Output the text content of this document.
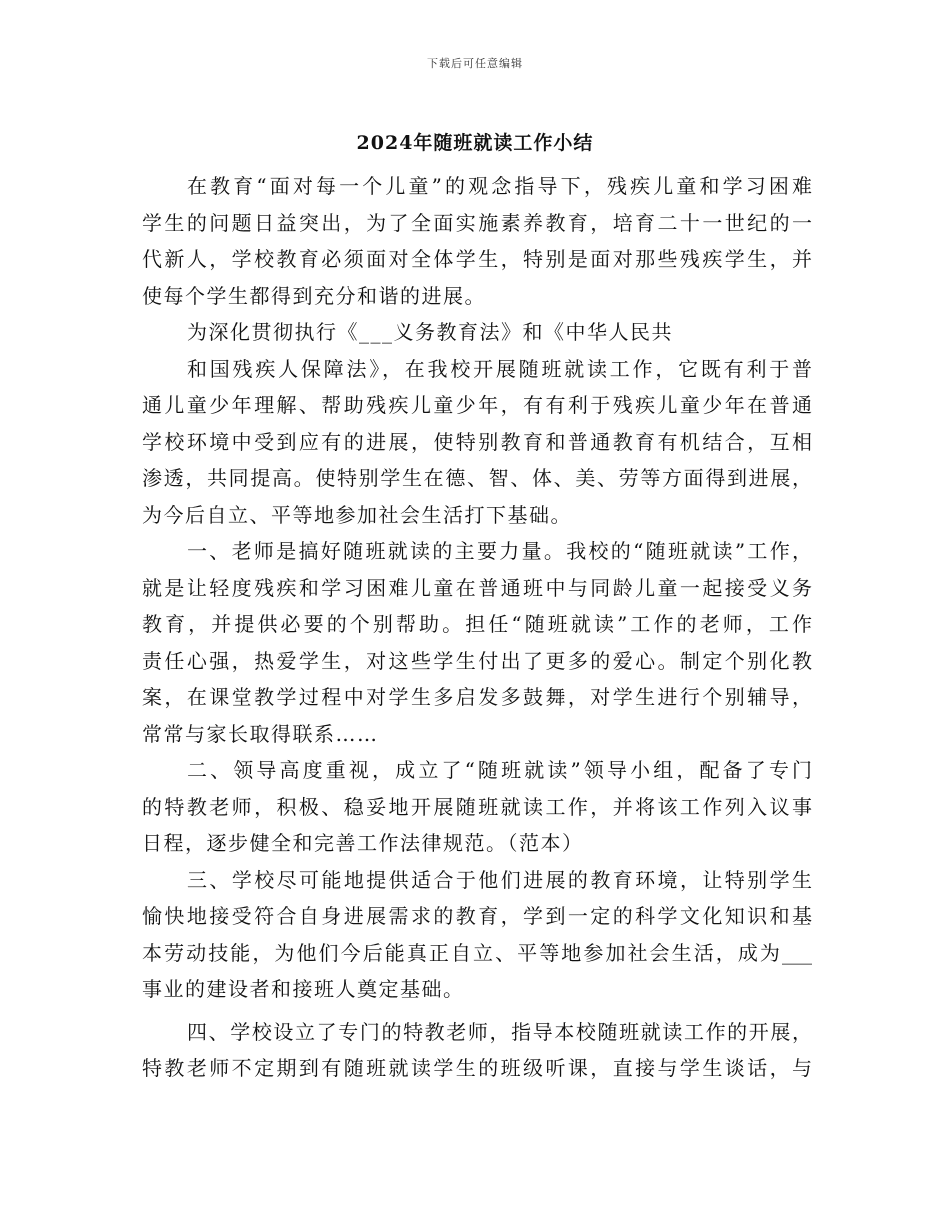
下载后可任意编辑
2024年随班就读工作小结
在教育“面对每一个儿童”的观念指导下，残疾儿童和学习困难
学生的问题日益突出，为了全面实施素养教育，培育二十一世纪的一
代新人，学校教育必须面对全体学生，特别是面对那些残疾学生，并
使每个学生都得到充分和谐的进展。
为深化贯彻执行《___义务教育法》和《中华人民共
和国残疾人保障法》，在我校开展随班就读工作，它既有利于普
通儿童少年理解、帮助残疾儿童少年，有有利于残疾儿童少年在普通
学校环境中受到应有的进展，使特别教育和普通教育有机结合，互相
渗透，共同提高。使特别学生在德、智、体、美、劳等方面得到进展，
为今后自立、平等地参加社会生活打下基础。
一、老师是搞好随班就读的主要力量。我校的“随班就读”工作，
就是让轻度残疾和学习困难儿童在普通班中与同龄儿童一起接受义务
教育，并提供必要的个别帮助。担任“随班就读”工作的老师，工作
责任心强，热爱学生，对这些学生付出了更多的爱心。制定个别化教
案，在课堂教学过程中对学生多启发多鼓舞，对学生进行个别辅导，
常常与家长取得联系……
二、领导高度重视，成立了“随班就读”领导小组，配备了专门
的特教老师，积极、稳妥地开展随班就读工作，并将该工作列入议事
日程，逐步健全和完善工作法律规范。（范本）
三、学校尽可能地提供适合于他们进展的教育环境，让特别学生
愉快地接受符合自身进展需求的教育，学到一定的科学文化知识和基
本劳动技能，为他们今后能真正自立、平等地参加社会生活，成为___
事业的建设者和接班人奠定基础。
四、学校设立了专门的特教老师，指导本校随班就读工作的开展，
特教老师不定期到有随班就读学生的班级听课，直接与学生谈话，与
